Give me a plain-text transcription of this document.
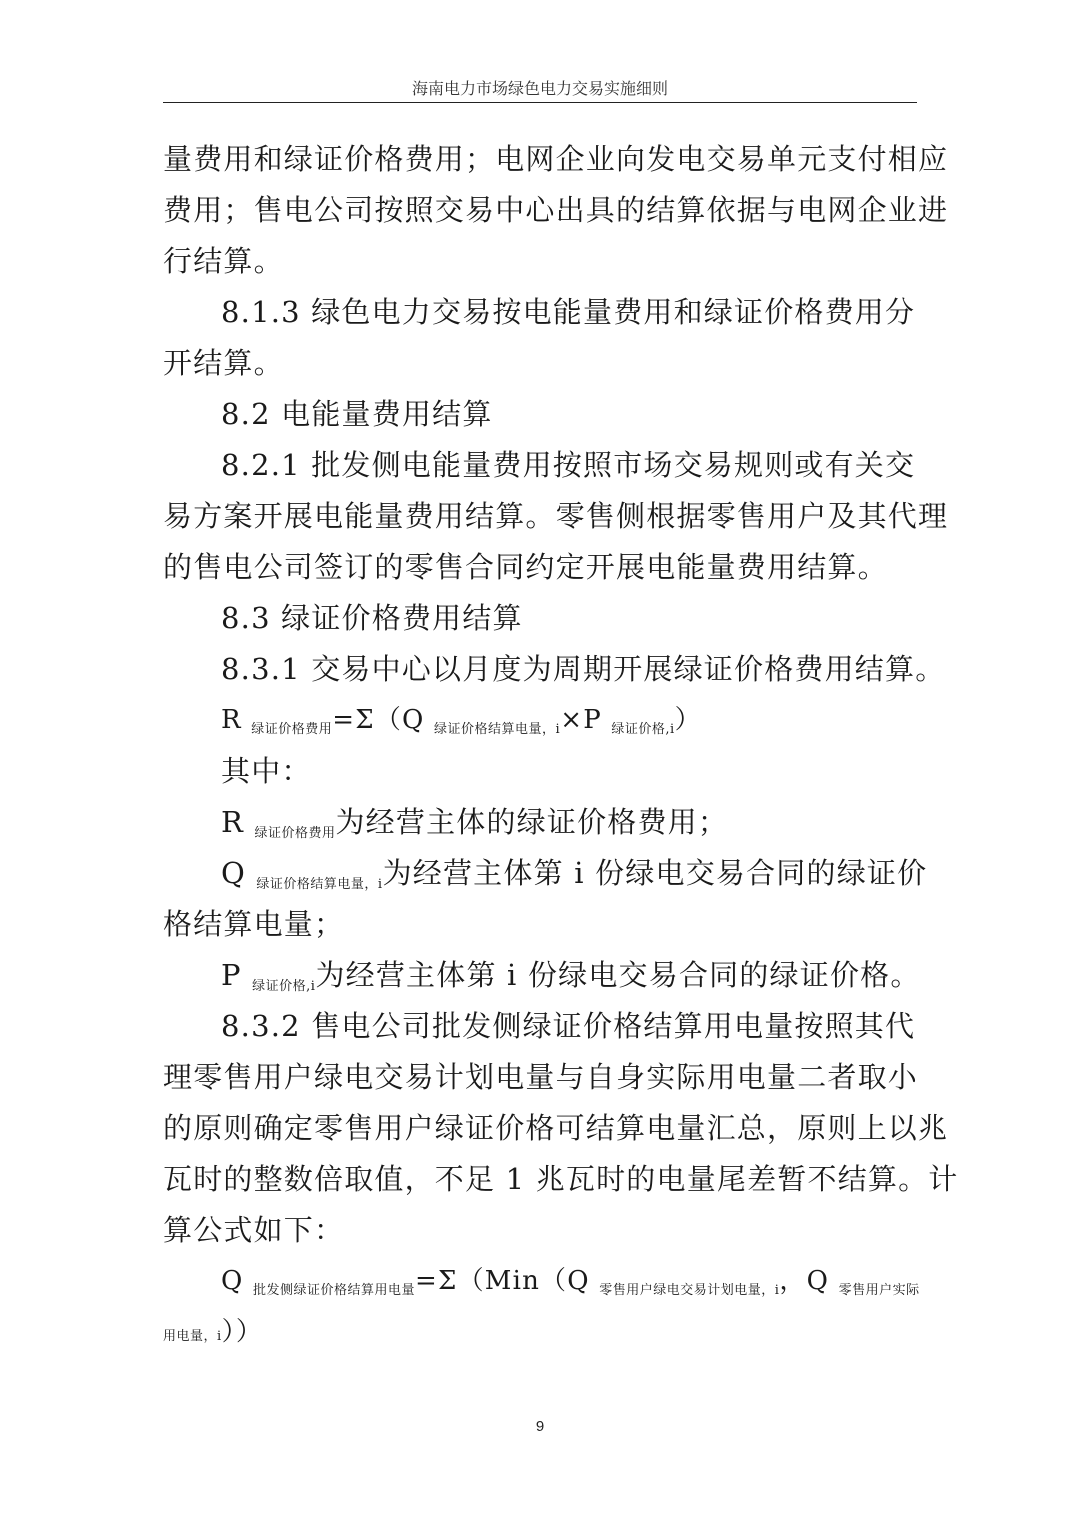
海南电力市场绿色电力交易实施细则
量费用和绿证价格费用；电网企业向发电交易单元支付相应
费用；售电公司按照交易中心出具的结算依据与电网企业进
行结算。
8.1.3 绿色电力交易按电能量费用和绿证价格费用分
开结算。
8.2 电能量费用结算
8.2.1 批发侧电能量费用按照市场交易规则或有关交
易方案开展电能量费用结算。零售侧根据零售用户及其代理
的售电公司签订的零售合同约定开展电能量费用结算。
8.3 绿证价格费用结算
8.3.1 交易中心以月度为周期开展绿证价格费用结算。
R $_{绿证价格费用}$=Σ（Q $_{绿证价格结算电量,i}$×P $_{绿证价格,i}$）
其中：
R $_{绿证价格费用}$为经营主体的绿证价格费用；
Q $_{绿证价格结算电量,i}$为经营主体第 i 份绿电交易合同的绿证价
格结算电量；
P $_{绿证价格,i}$为经营主体第 i 份绿电交易合同的绿证价格。
8.3.2 售电公司批发侧绿证价格结算用电量按照其代
理零售用户绿电交易计划电量与自身实际用电量二者取小
的原则确定零售用户绿证价格可结算电量汇总，原则上以兆
瓦时的整数倍取值，不足 1 兆瓦时的电量尾差暂不结算。计
算公式如下：
Q $_{批发侧绿证价格结算用电量}$=Σ（Min（Q $_{零售用户绿电交易计划电量,i}$，Q $_{零售用户实际}$
用电量，i））
9
